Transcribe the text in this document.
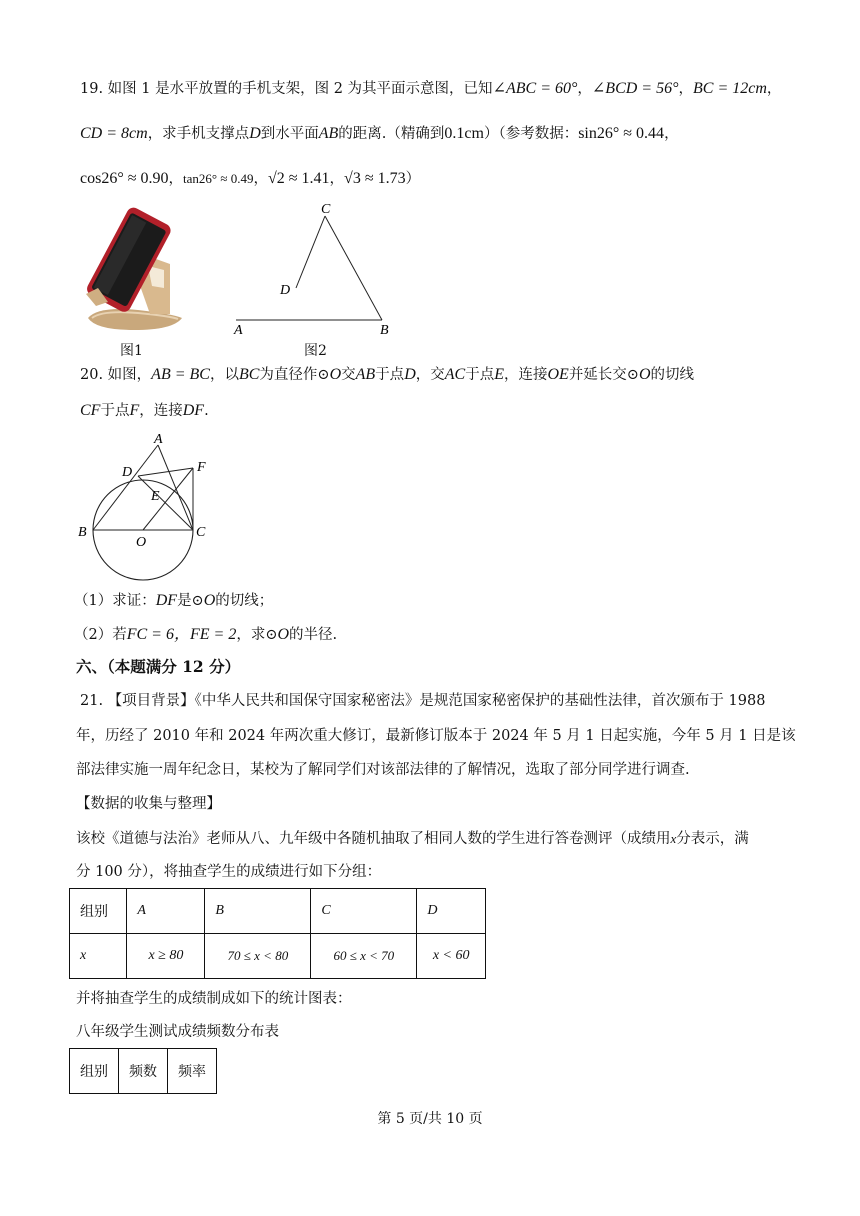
19. 如图 1 是水平放置的手机支架，图 2 为其平面示意图，已知∠ABC = 60°，∠BCD = 56°，BC = 12cm，
CD = 8cm，求手机支撑点D到水平面AB的距离.（精确到0.1cm）（参考数据：sin26° ≈ 0.44，
cos26° ≈ 0.90，tan26° ≈ 0.49，√2 ≈ 1.41，√3 ≈ 1.73）
图1
C
D
A	B
图2
20. 如图，AB = BC，以BC为直径作⊙O交AB于点D，交AC于点E，连接OE并延长交⊙O的切线
CF于点F，连接DF.
A
D
E
F
B	C
O
（1）求证：DF是⊙O的切线；
（2）若FC = 6，FE = 2，求⊙O的半径.
六、（本题满分 12 分）
21. 【项目背景】《中华人民共和国保守国家秘密法》是规范国家秘密保护的基础性法律，首次颁布于 1988
年，历经了 2010 年和 2024 年两次重大修订，最新修订版本于 2024 年 5 月 1 日起实施，今年 5 月 1 日是该
部法律实施一周年纪念日，某校为了解同学们对该部法律的了解情况，选取了部分同学进行调查.
【数据的收集与整理】
该校《道德与法治》老师从八、九年级中各随机抽取了相同人数的学生进行答卷测评（成绩用x分表示，满
分 100 分），将抽查学生的成绩进行如下分组：
组别	A	B	C	D
x	x ≥ 80	70 ≤ x < 80	60 ≤ x < 70	x < 60
并将抽查学生的成绩制成如下的统计图表：
八年级学生测试成绩频数分布表
组别	频数	频率
第 5 页/共 10 页
